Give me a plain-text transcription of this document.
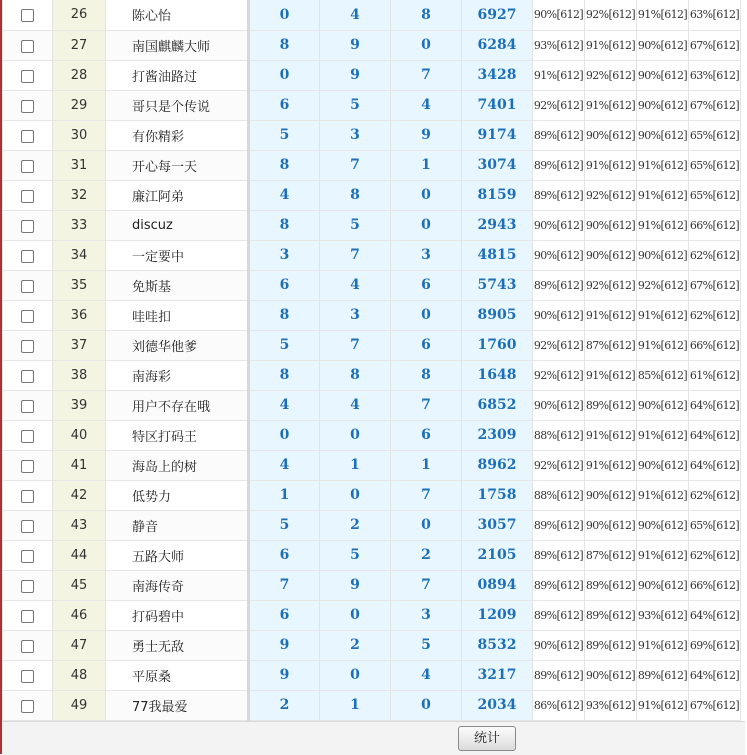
	26	陈心怡	0	4	8	6927	90%[612]	92%[612]	91%[612]	63%[612]
	27	南国麒麟大师	8	9	0	6284	93%[612]	91%[612]	90%[612]	67%[612]
	28	打酱油路过	0	9	7	3428	91%[612]	92%[612]	90%[612]	63%[612]
	29	哥只是个传说	6	5	4	7401	92%[612]	91%[612]	90%[612]	67%[612]
	30	有你精彩	5	3	9	9174	89%[612]	90%[612]	90%[612]	65%[612]
	31	开心每一天	8	7	1	3074	89%[612]	91%[612]	91%[612]	65%[612]
	32	廉江阿弟	4	8	0	8159	89%[612]	92%[612]	91%[612]	65%[612]
	33	discuz	8	5	0	2943	90%[612]	90%[612]	91%[612]	66%[612]
	34	一定要中	3	7	3	4815	90%[612]	90%[612]	90%[612]	62%[612]
	35	免斯基	6	4	6	5743	89%[612]	92%[612]	92%[612]	67%[612]
	36	哇哇扣	8	3	0	8905	90%[612]	91%[612]	91%[612]	62%[612]
	37	刘德华他爹	5	7	6	1760	92%[612]	87%[612]	91%[612]	66%[612]
	38	南海彩	8	8	8	1648	92%[612]	91%[612]	85%[612]	61%[612]
	39	用户不存在哦	4	4	7	6852	90%[612]	89%[612]	90%[612]	64%[612]
	40	特区打码王	0	0	6	2309	88%[612]	91%[612]	91%[612]	64%[612]
	41	海岛上的树	4	1	1	8962	92%[612]	91%[612]	90%[612]	64%[612]
	42	低势力	1	0	7	1758	88%[612]	90%[612]	91%[612]	62%[612]
	43	静音	5	2	0	3057	89%[612]	90%[612]	90%[612]	65%[612]
	44	五路大师	6	5	2	2105	89%[612]	87%[612]	91%[612]	62%[612]
	45	南海传奇	7	9	7	0894	89%[612]	89%[612]	90%[612]	66%[612]
	46	打码碧中	6	0	3	1209	89%[612]	89%[612]	93%[612]	64%[612]
	47	勇士无敌	9	2	5	8532	90%[612]	89%[612]	91%[612]	69%[612]
	48	平原桑	9	0	4	3217	89%[612]	90%[612]	89%[612]	64%[612]
	49	77我最爱	2	1	0	2034	86%[612]	93%[612]	91%[612]	67%[612]
统计
